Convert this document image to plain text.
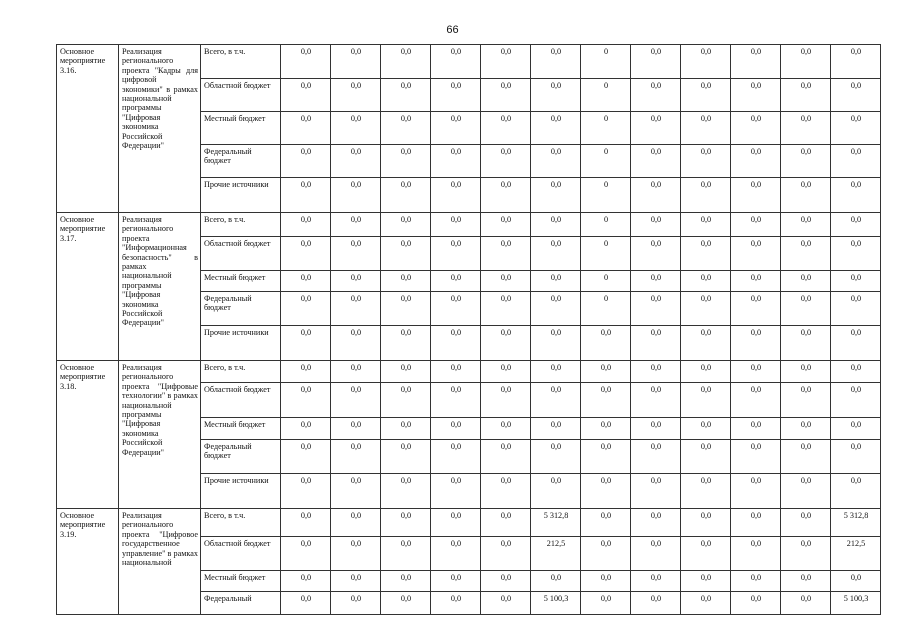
66
Основное мероприятие 3.16.	Реализация регионального проекта "Кадры для цифровой экономики" в рамках национальной программы "Цифровая экономика Российской Федерации"	Всего, в т.ч.	0,0	0,0	0,0	0,0	0,0	0,0	0	0,0	0,0	0,0	0,0	0,0
		Областной бюджет	0,0	0,0	0,0	0,0	0,0	0,0	0	0,0	0,0	0,0	0,0	0,0
		Местный бюджет	0,0	0,0	0,0	0,0	0,0	0,0	0	0,0	0,0	0,0	0,0	0,0
		Федеральный бюджет	0,0	0,0	0,0	0,0	0,0	0,0	0	0,0	0,0	0,0	0,0	0,0
		Прочие источники	0,0	0,0	0,0	0,0	0,0	0,0	0	0,0	0,0	0,0	0,0	0,0
Основное мероприятие 3.17.	Реализация регионального проекта "Информационная безопасность" в рамках национальной программы "Цифровая экономика Российской Федерации"	Всего, в т.ч.	0,0	0,0	0,0	0,0	0,0	0,0	0	0,0	0,0	0,0	0,0	0,0
		Областной бюджет	0,0	0,0	0,0	0,0	0,0	0,0	0	0,0	0,0	0,0	0,0	0,0
		Местный бюджет	0,0	0,0	0,0	0,0	0,0	0,0	0	0,0	0,0	0,0	0,0	0,0
		Федеральный бюджет	0,0	0,0	0,0	0,0	0,0	0,0	0	0,0	0,0	0,0	0,0	0,0
		Прочие источники	0,0	0,0	0,0	0,0	0,0	0,0	0,0	0,0	0,0	0,0	0,0	0,0
Основное мероприятие 3.18.	Реализация регионального проекта "Цифровые технологии" в рамках национальной программы "Цифровая экономика Российской Федерации"	Всего, в т.ч.	0,0	0,0	0,0	0,0	0,0	0,0	0,0	0,0	0,0	0,0	0,0	0,0
		Областной бюджет	0,0	0,0	0,0	0,0	0,0	0,0	0,0	0,0	0,0	0,0	0,0	0,0
		Местный бюджет	0,0	0,0	0,0	0,0	0,0	0,0	0,0	0,0	0,0	0,0	0,0	0,0
		Федеральный бюджет	0,0	0,0	0,0	0,0	0,0	0,0	0,0	0,0	0,0	0,0	0,0	0,0
		Прочие источники	0,0	0,0	0,0	0,0	0,0	0,0	0,0	0,0	0,0	0,0	0,0	0,0
Основное мероприятие 3.19.	Реализация регионального проекта "Цифровое государственное управление" в рамках национальной	Всего, в т.ч.	0,0	0,0	0,0	0,0	0,0	5 312,8	0,0	0,0	0,0	0,0	0,0	5 312,8
		Областной бюджет	0,0	0,0	0,0	0,0	0,0	212,5	0,0	0,0	0,0	0,0	0,0	212,5
		Местный бюджет	0,0	0,0	0,0	0,0	0,0	0,0	0,0	0,0	0,0	0,0	0,0	0,0
		Федеральный	0,0	0,0	0,0	0,0	0,0	5 100,3	0,0	0,0	0,0	0,0	0,0	5 100,3
